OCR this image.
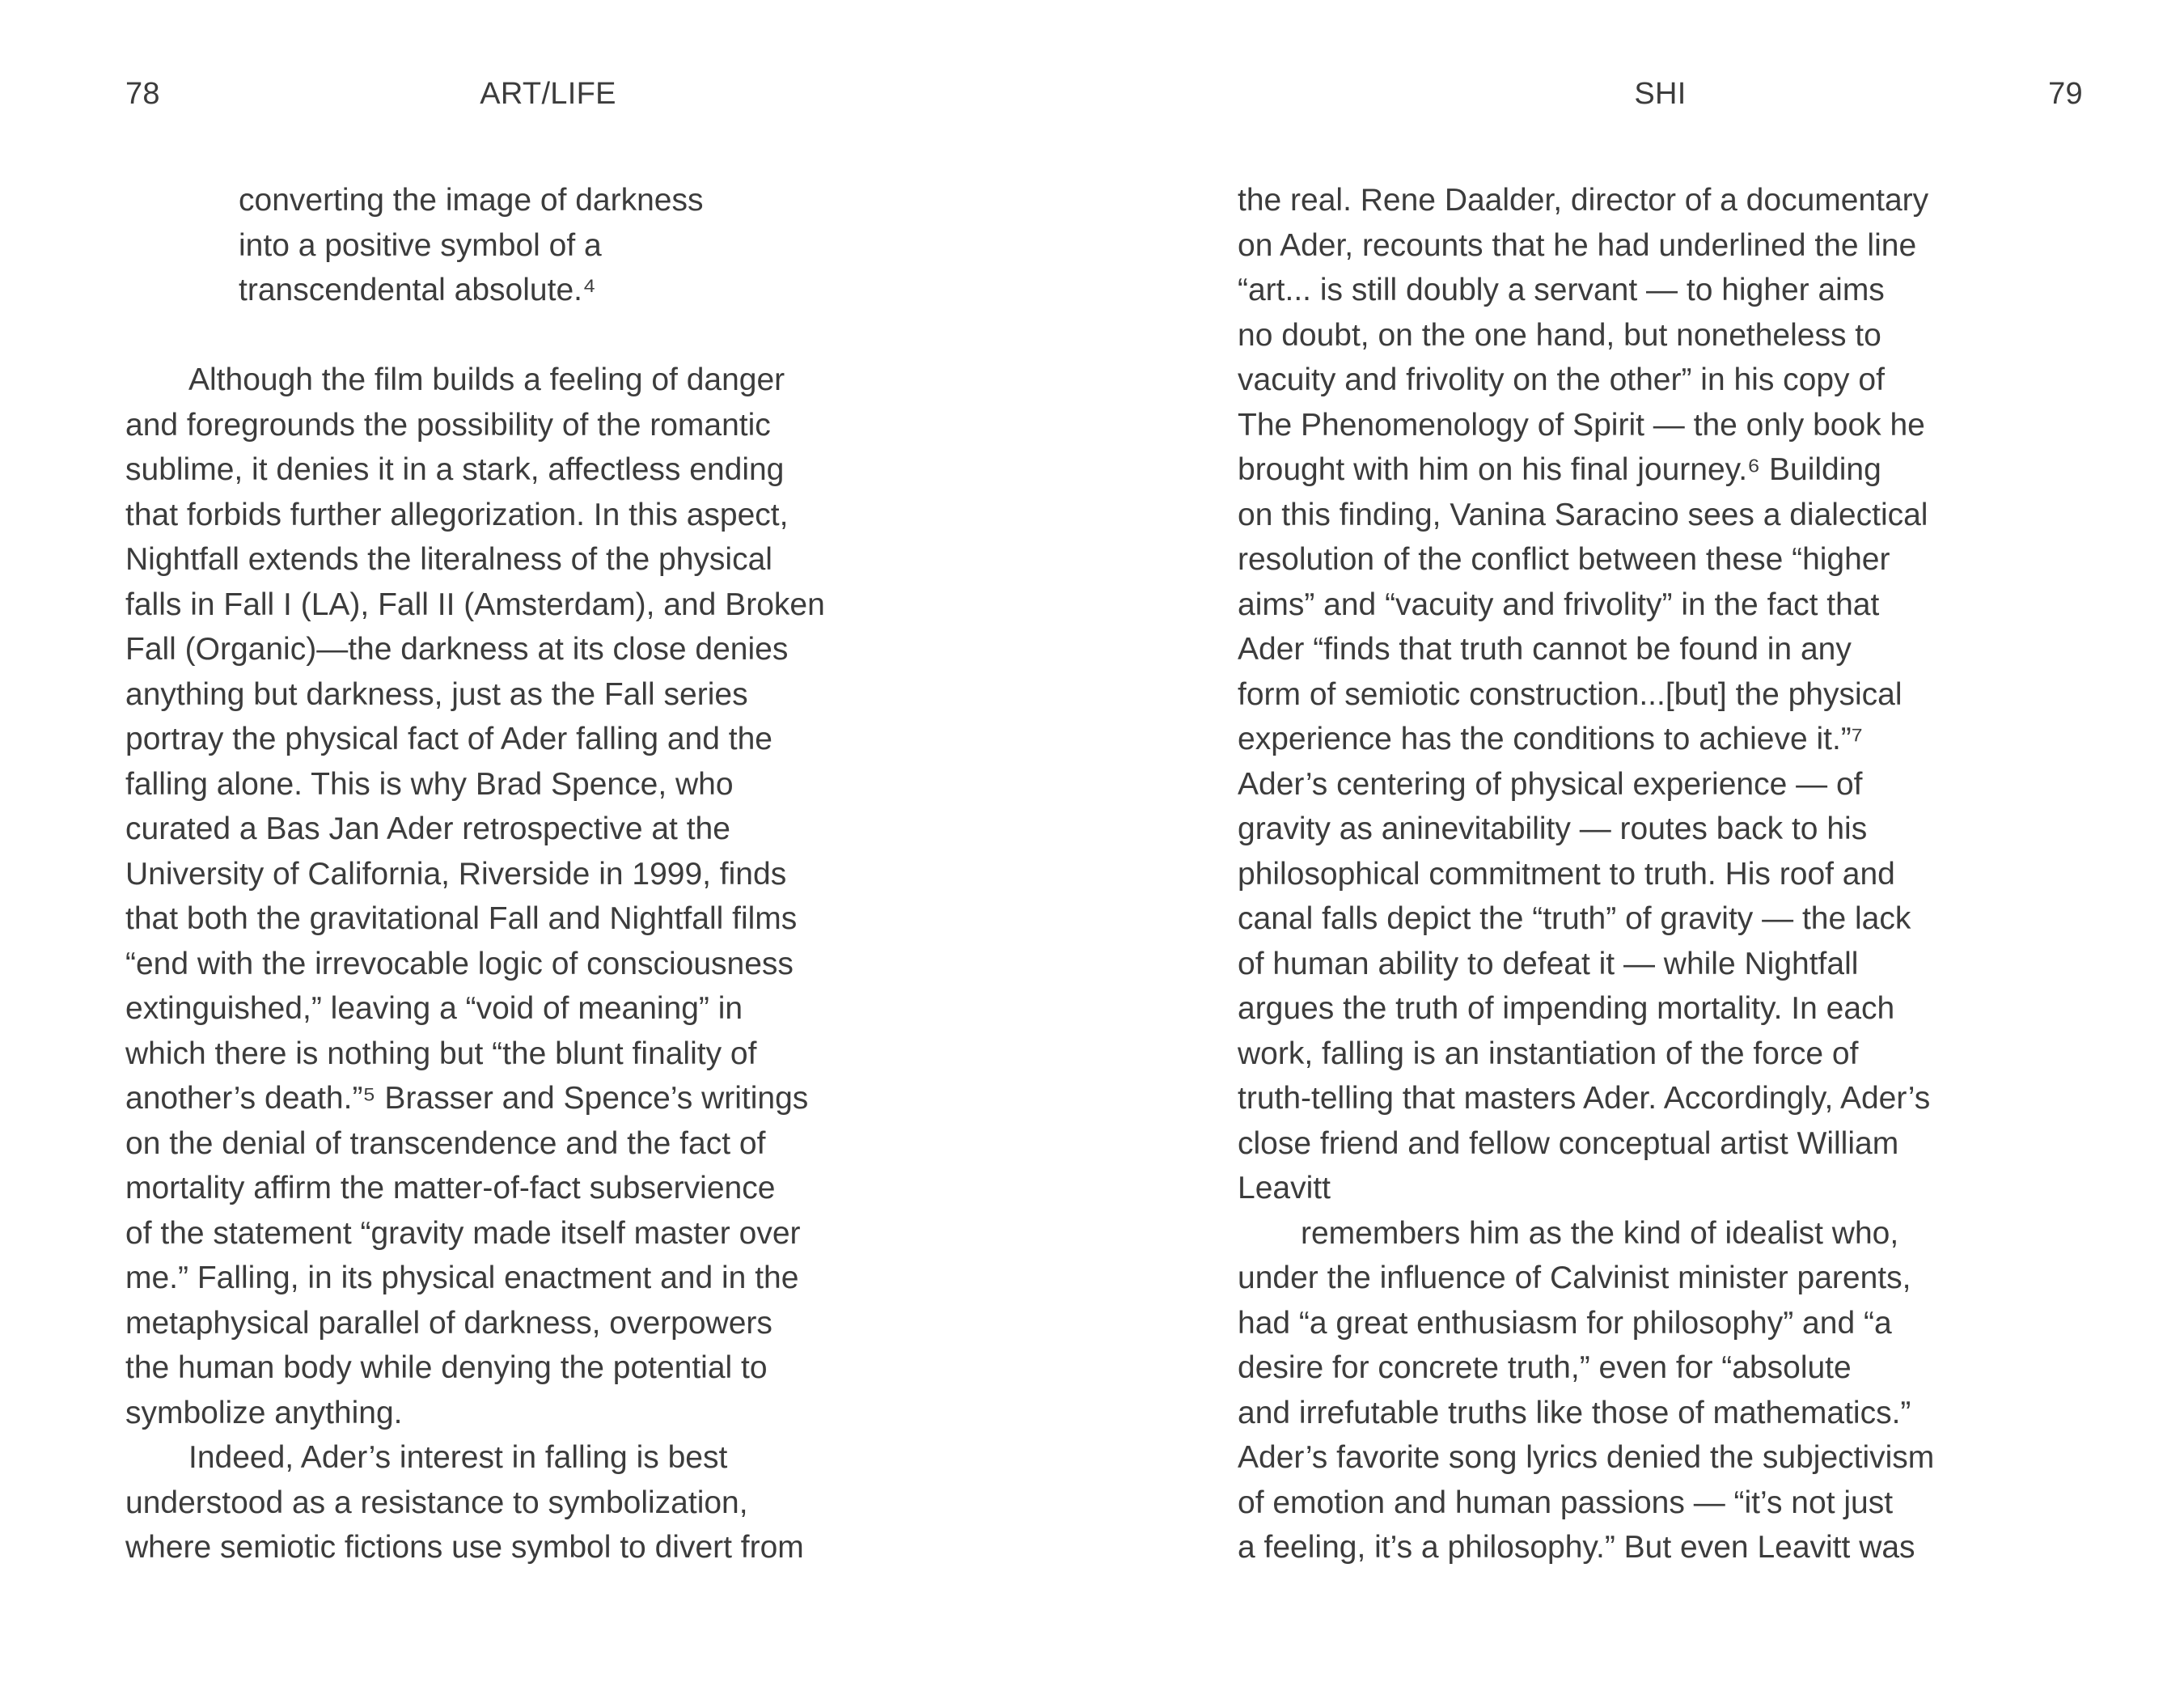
78	ART/LIFE
converting the image of darkness
into a positive symbol of a
transcendental absolute.⁴
  Although the film builds a feeling of danger
and foregrounds the possibility of the romantic
sublime, it denies it in a stark, affectless ending
that forbids further allegorization. In this aspect,
Nightfall extends the literalness of the physical
falls in Fall I (LA), Fall II (Amsterdam), and Broken
Fall (Organic)—the darkness at its close denies
anything but darkness, just as the Fall series
portray the physical fact of Ader falling and the
falling alone. This is why Brad Spence, who
curated a Bas Jan Ader retrospective at the
University of California, Riverside in 1999, finds
that both the gravitational Fall and Nightfall films
“end with the irrevocable logic of consciousness
extinguished,” leaving a “void of meaning” in
which there is nothing but “the blunt finality of
another’s death.”⁵ Brasser and Spence’s writings
on the denial of transcendence and the fact of
mortality affirm the matter-of-fact subservience
of the statement “gravity made itself master over
me.” Falling, in its physical enactment and in the
metaphysical parallel of darkness, overpowers
the human body while denying the potential to
symbolize anything.
  Indeed, Ader’s interest in falling is best
understood as a resistance to symbolization,
where semiotic fictions use symbol to divert from
SHI	79
the real. Rene Daalder, director of a documentary
on Ader, recounts that he had underlined the line
“art... is still doubly a servant — to higher aims
no doubt, on the one hand, but nonetheless to
vacuity and frivolity on the other” in his copy of
The Phenomenology of Spirit — the only book he
brought with him on his final journey.⁶ Building
on this finding, Vanina Saracino sees a dialectical
resolution of the conflict between these “higher
aims” and “vacuity and frivolity” in the fact that
Ader “finds that truth cannot be found in any
form of semiotic construction...[but] the physical
experience has the conditions to achieve it.”⁷
Ader’s centering of physical experience — of
gravity as aninevitability — routes back to his
philosophical commitment to truth. His roof and
canal falls depict the “truth” of gravity — the lack
of human ability to defeat it — while Nightfall
argues the truth of impending mortality. In each
work, falling is an instantiation of the force of
truth-telling that masters Ader. Accordingly, Ader’s
close friend and fellow conceptual artist William
Leavitt
  remembers him as the kind of idealist who,
under the influence of Calvinist minister parents,
had “a great enthusiasm for philosophy” and “a
desire for concrete truth,” even for “absolute
and irrefutable truths like those of mathematics.”
Ader’s favorite song lyrics denied the subjectivism
of emotion and human passions — “it’s not just
a feeling, it’s a philosophy.” But even Leavitt was
